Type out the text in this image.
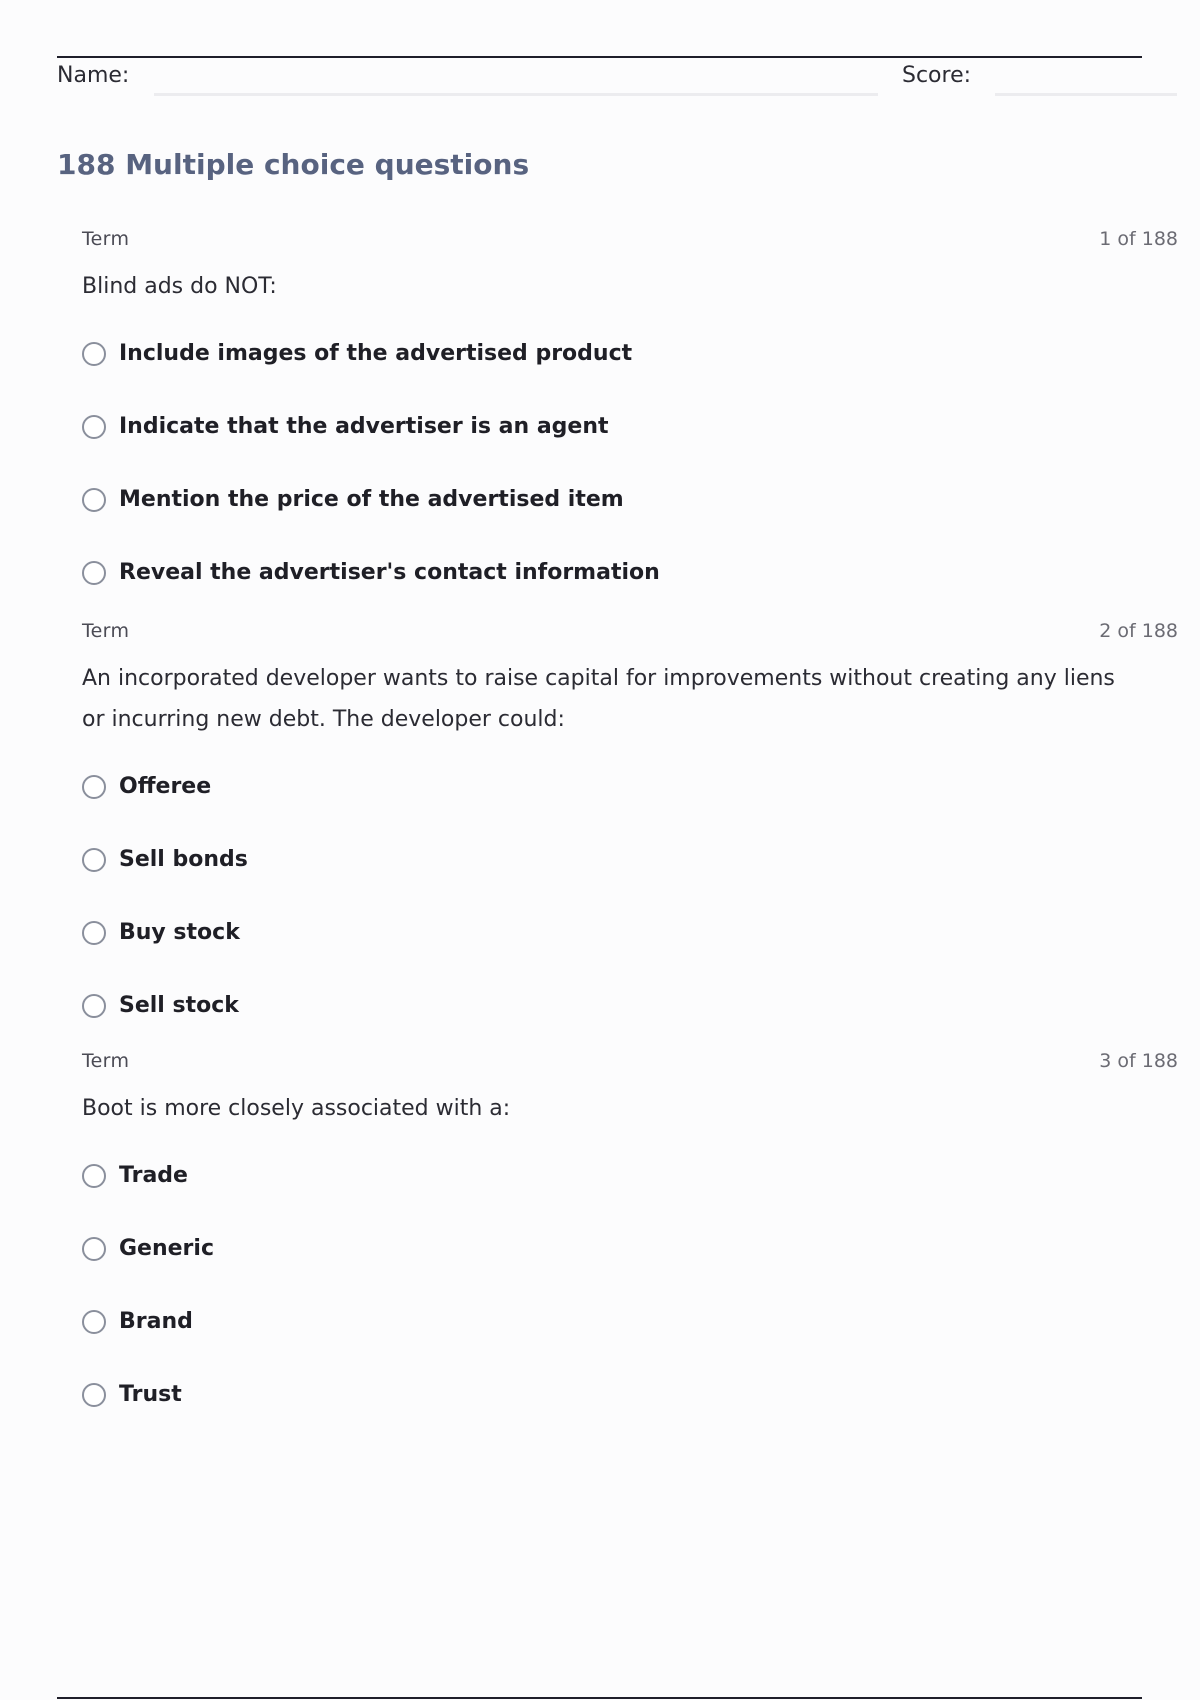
Name:	Score:
188 Multiple choice questions
Term	1 of 188

Blind ads do NOT:

Include images of the advertised product
Indicate that the advertiser is an agent
Mention the price of the advertised item
Reveal the advertiser's contact information
Term	2 of 188

An incorporated developer wants to raise capital for improvements without creating any liens or incurring new debt. The developer could:

Offeree
Sell bonds
Buy stock
Sell stock
Term	3 of 188

Boot is more closely associated with a:

Trade
Generic
Brand
Trust
